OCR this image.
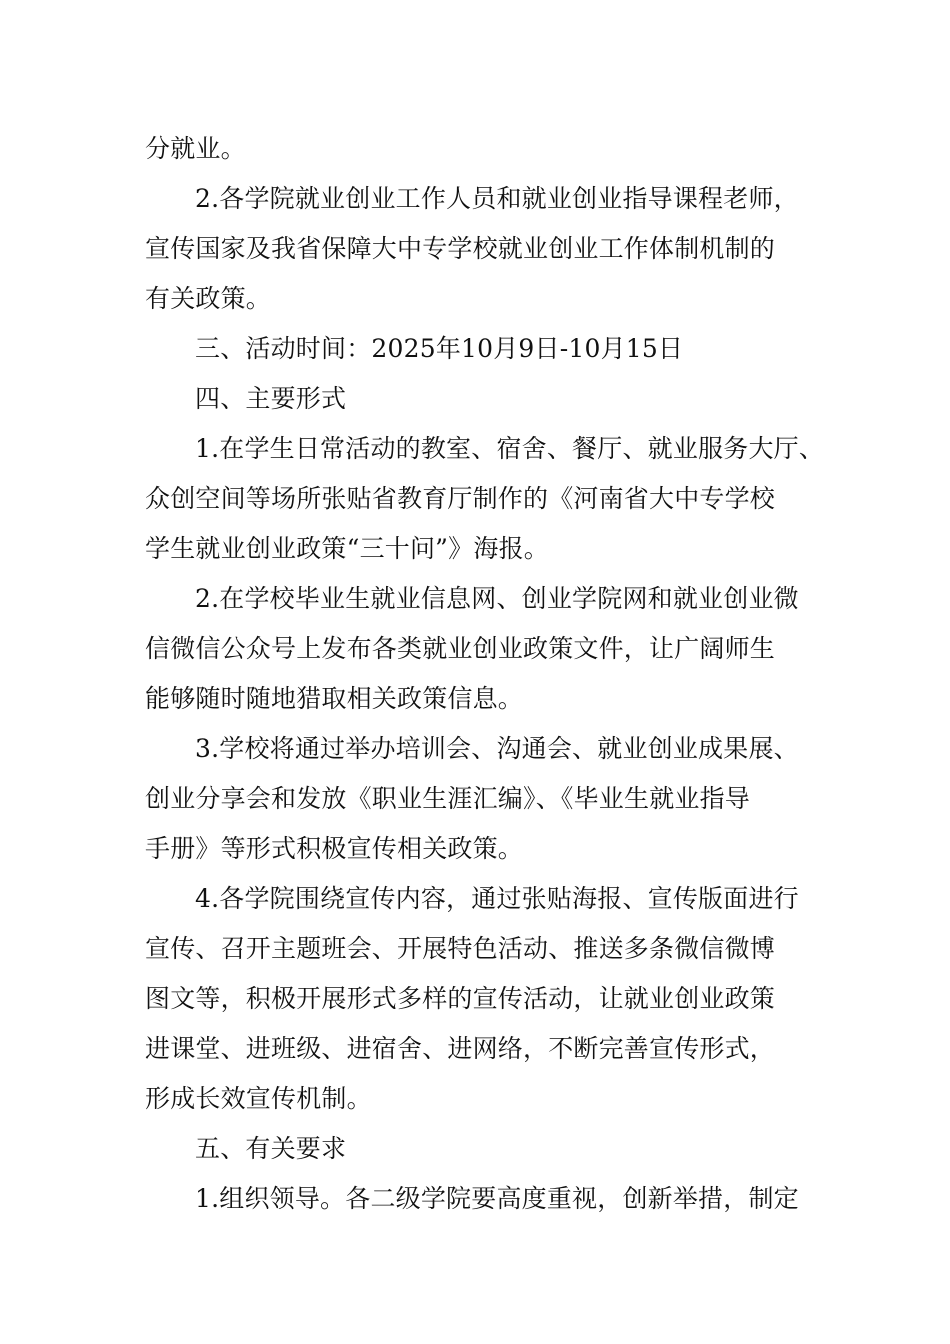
分就业。
2.各学院就业创业工作人员和就业创业指导课程老师，
宣传国家及我省保障大中专学校就业创业工作体制机制的
有关政策。
三、活动时间：2025年10月9日-10月15日
四、主要形式
1.在学生日常活动的教室、宿舍、餐厅、就业服务大厅、
众创空间等场所张贴省教育厅制作的《河南省大中专学校
学生就业创业政策“三十问”》海报。
2.在学校毕业生就业信息网、创业学院网和就业创业微
信微信公众号上发布各类就业创业政策文件，让广阔师生
能够随时随地猎取相关政策信息。
3.学校将通过举办培训会、沟通会、就业创业成果展、
创业分享会和发放《职业生涯汇编》、《毕业生就业指导
手册》等形式积极宣传相关政策。
4.各学院围绕宣传内容，通过张贴海报、宣传版面进行
宣传、召开主题班会、开展特色活动、推送多条微信微博
图文等，积极开展形式多样的宣传活动，让就业创业政策
进课堂、进班级、进宿舍、进网络，不断完善宣传形式，
形成长效宣传机制。
五、有关要求
1.组织领导。各二级学院要高度重视，创新举措，制定
